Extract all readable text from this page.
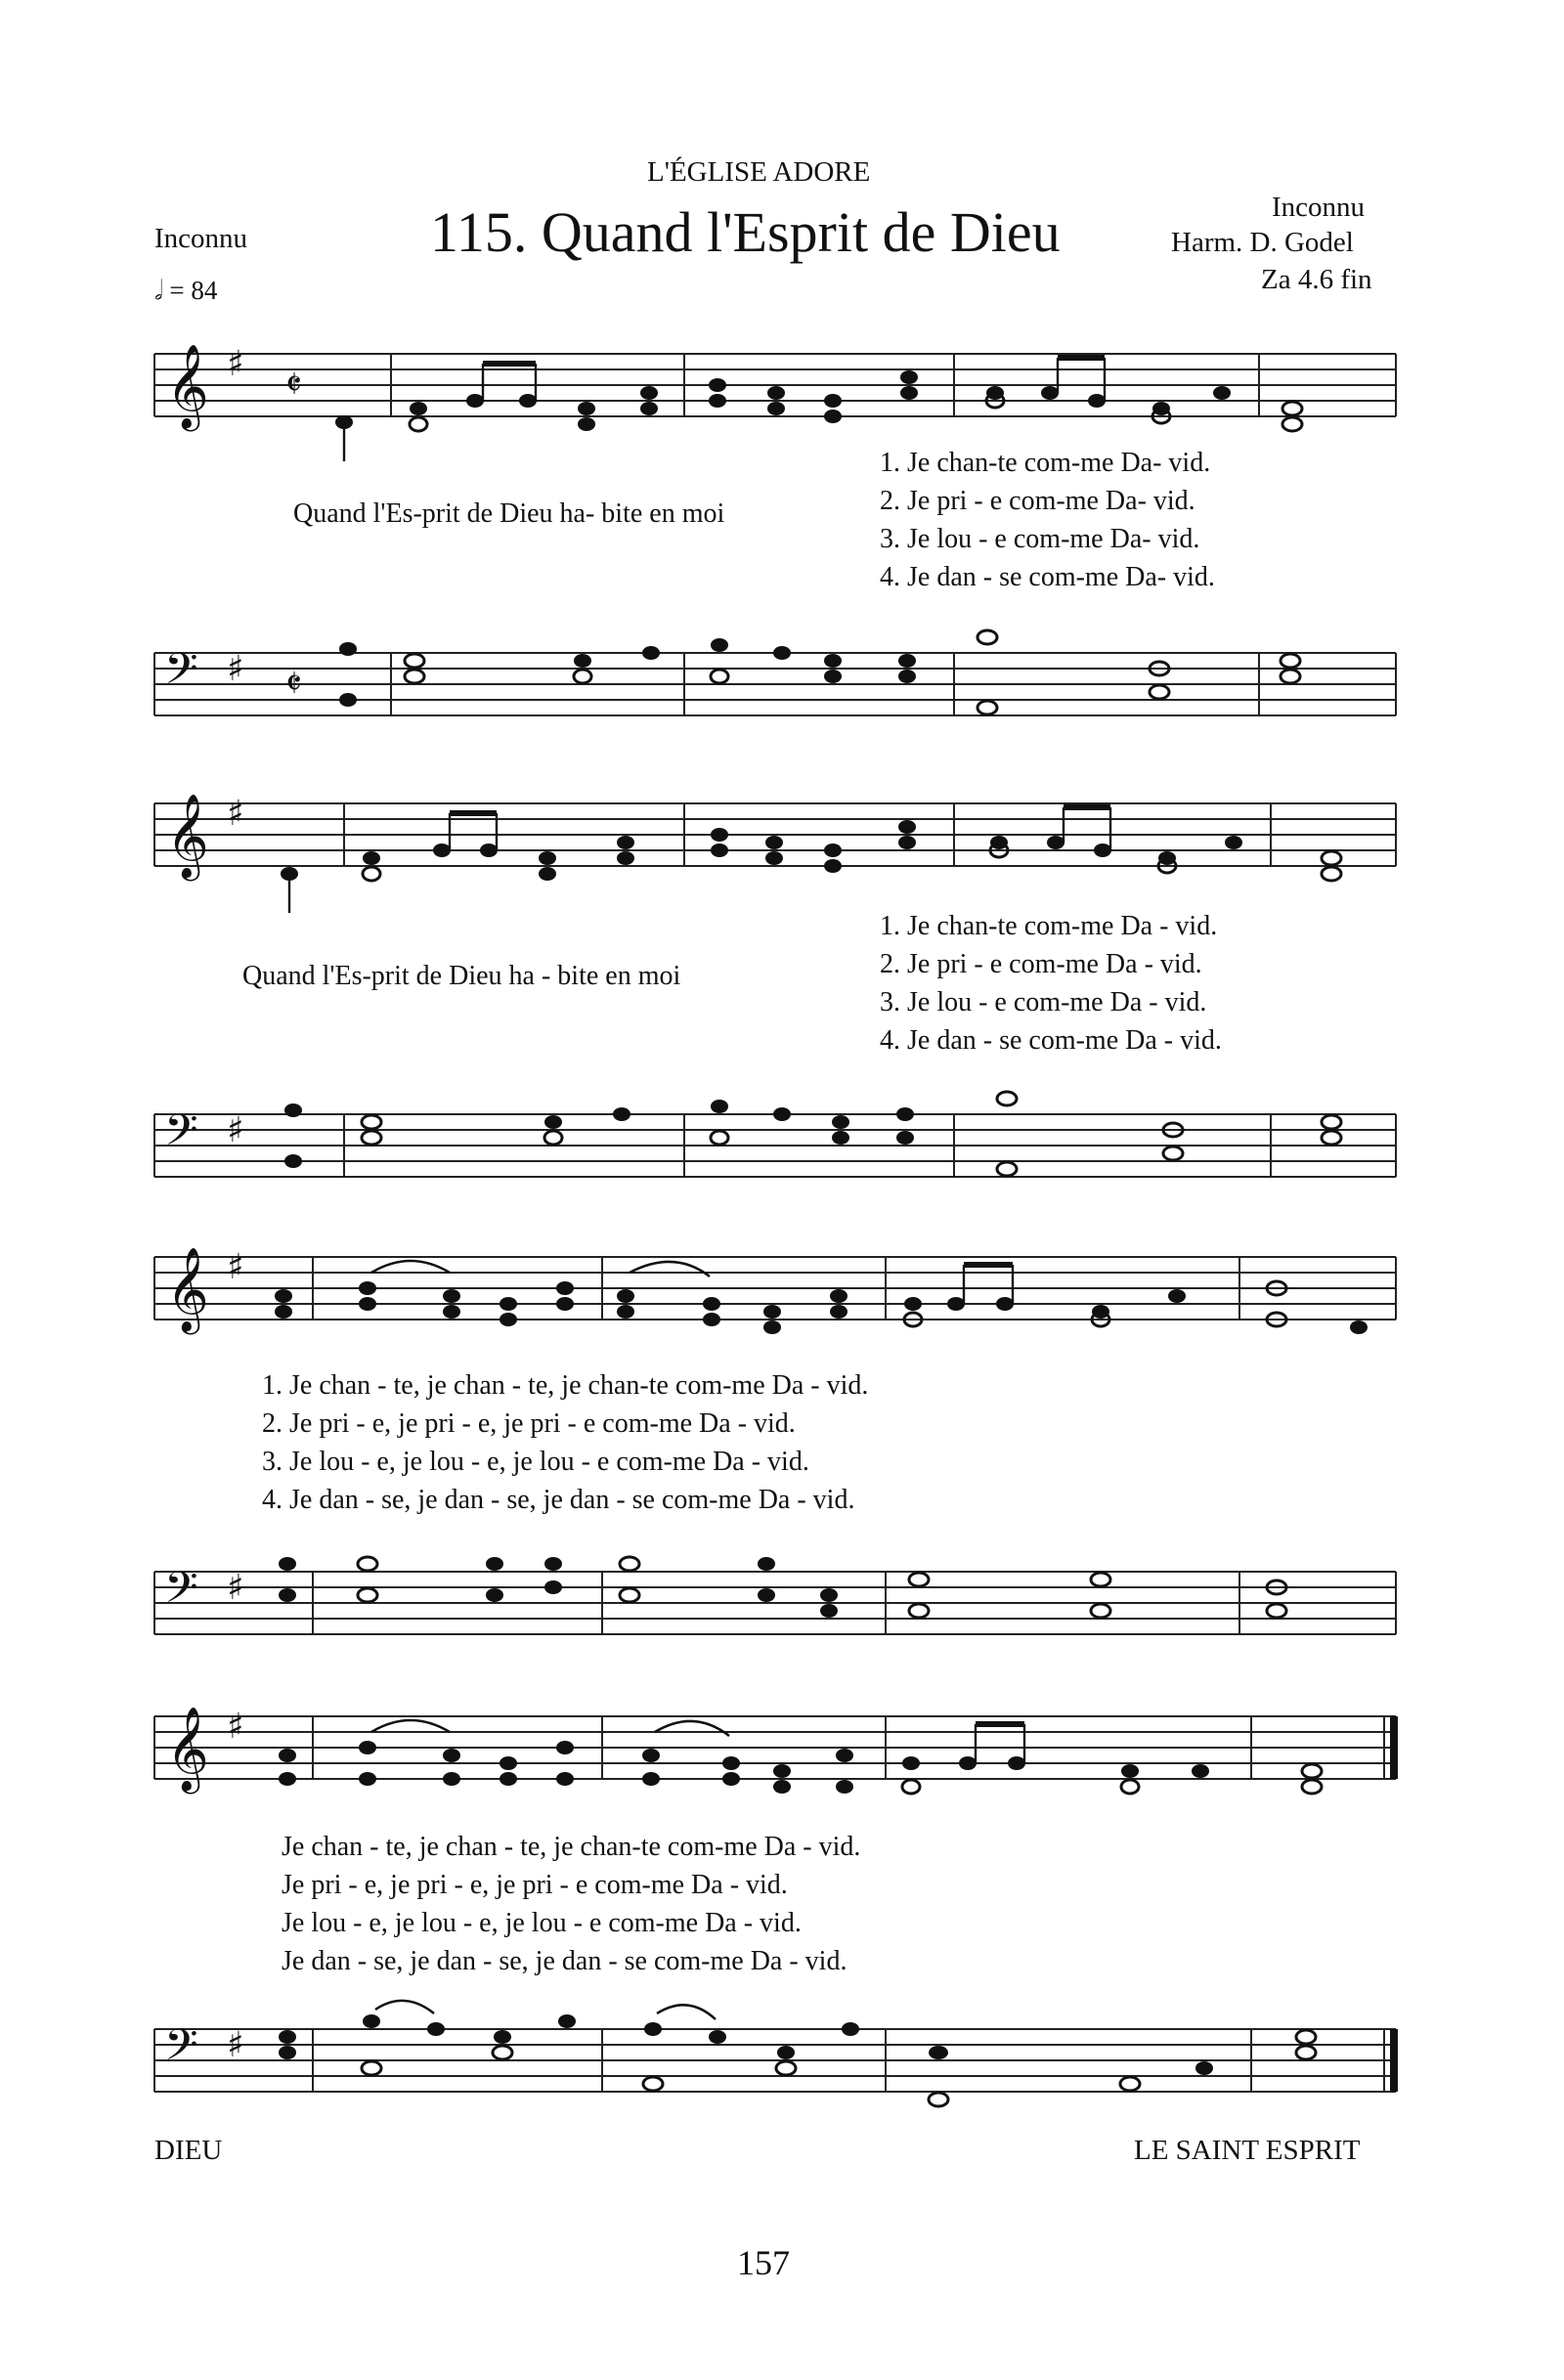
L'ÉGLISE ADORE
Inconnu	115. Quand l'Esprit de Dieu	Inconnu
Harm. D. Godel
Za 4.6 fin
𝅗𝅥 = 84
𝄞 ♯ 𝄵
𝄢 ♯ 𝄵
𝄞 ♯
𝄢 ♯
𝄞 ♯
𝄢 ♯
𝄞 ♯
𝄢 ♯
Quand l'Es-prit de Dieu ha- bite en moi
1. Je chan-te com-me Da- vid.
2. Je pri - e com-me Da- vid.
3. Je lou - e com-me Da- vid.
4. Je dan - se com-me Da- vid.
Quand l'Es-prit de Dieu ha - bite en moi
1. Je chan-te com-me Da - vid.
2. Je pri - e com-me Da - vid.
3. Je lou - e com-me Da - vid.
4. Je dan - se com-me Da - vid.
1. Je chan - te, je chan - te, je chan-te com-me Da - vid.
2. Je pri - e, je pri - e, je pri - e com-me Da - vid.
3. Je lou - e, je lou - e, je lou - e com-me Da - vid.
4. Je dan - se, je dan - se, je dan - se com-me Da - vid.
Je chan - te, je chan - te, je chan-te com-me Da - vid.
Je pri - e, je pri - e, je pri - e com-me Da - vid.
Je lou - e, je lou - e, je lou - e com-me Da - vid.
Je dan - se, je dan - se, je dan - se com-me Da - vid.
DIEU	LE SAINT ESPRIT
157
